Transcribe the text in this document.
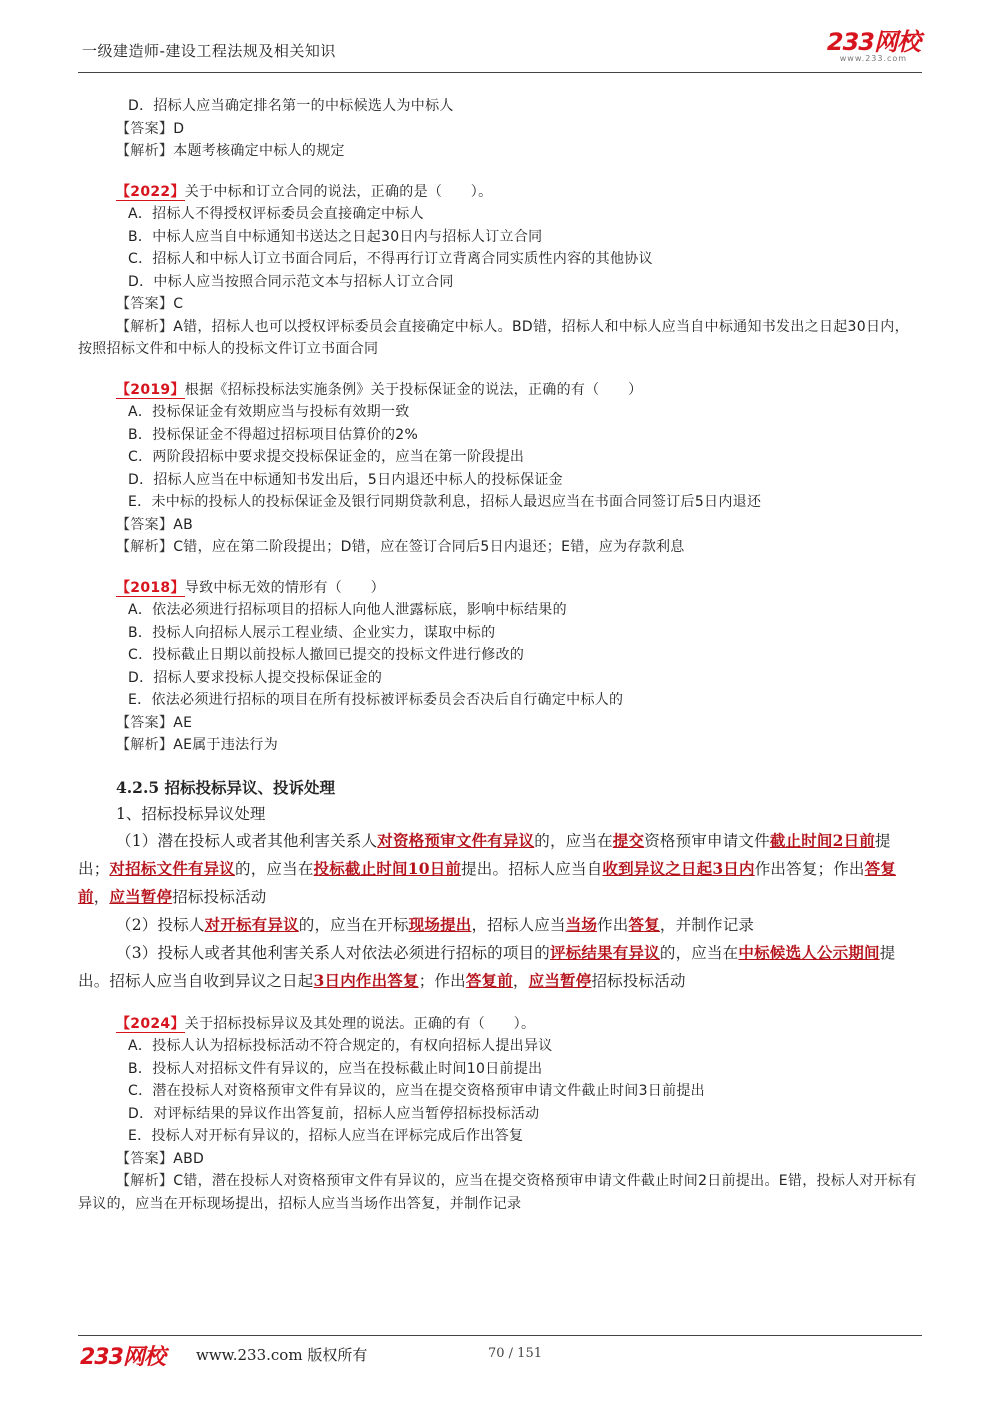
一级建造师-建设工程法规及相关知识	233网校
www.233.com
D．招标人应当确定排名第一的中标候选人为中标人
【答案】D
【解析】本题考核确定中标人的规定
【2022】关于中标和订立合同的说法，正确的是（　　）。
A．招标人不得授权评标委员会直接确定中标人
B．中标人应当自中标通知书送达之日起30日内与招标人订立合同
C．招标人和中标人订立书面合同后，不得再行订立背离合同实质性内容的其他协议
D．中标人应当按照合同示范文本与招标人订立合同
【答案】C
【解析】A错，招标人也可以授权评标委员会直接确定中标人。BD错，招标人和中标人应当自中标通知书发出之日起30日内，按照招标文件和中标人的投标文件订立书面合同
【2019】根据《招标投标法实施条例》关于投标保证金的说法，正确的有（　　）
A．投标保证金有效期应当与投标有效期一致
B．投标保证金不得超过招标项目估算价的2%
C．两阶段招标中要求提交投标保证金的，应当在第一阶段提出
D．招标人应当在中标通知书发出后，5日内退还中标人的投标保证金
E．未中标的投标人的投标保证金及银行同期贷款利息，招标人最迟应当在书面合同签订后5日内退还
【答案】AB
【解析】C错，应在第二阶段提出；D错，应在签订合同后5日内退还；E错，应为存款利息
【2018】导致中标无效的情形有（　　）
A．依法必须进行招标项目的招标人向他人泄露标底，影响中标结果的
B．投标人向招标人展示工程业绩、企业实力，谋取中标的
C．投标截止日期以前投标人撤回已提交的投标文件进行修改的
D．招标人要求投标人提交投标保证金的
E．依法必须进行招标的项目在所有投标被评标委员会否决后自行确定中标人的
【答案】AE
【解析】AE属于违法行为
4.2.5 招标投标异议、投诉处理
1、招标投标异议处理
（1）潜在投标人或者其他利害关系人对资格预审文件有异议的，应当在提交资格预审申请文件截止时间2日前提出；对招标文件有异议的，应当在投标截止时间10日前提出。招标人应当自收到异议之日起3日内作出答复；作出答复前，应当暂停招标投标活动
（2）投标人对开标有异议的，应当在开标现场提出，招标人应当当场作出答复，并制作记录
（3）投标人或者其他利害关系人对依法必须进行招标的项目的评标结果有异议的，应当在中标候选人公示期间提出。招标人应当自收到异议之日起3日内作出答复；作出答复前，应当暂停招标投标活动
【2024】关于招标投标异议及其处理的说法。正确的有（　　）。
A．投标人认为招标投标活动不符合规定的，有权向招标人提出异议
B．投标人对招标文件有异议的，应当在投标截止时间10日前提出
C．潜在投标人对资格预审文件有异议的，应当在提交资格预审申请文件截止时间3日前提出
D．对评标结果的异议作出答复前，招标人应当暂停招标投标活动
E．投标人对开标有异议的，招标人应当在评标完成后作出答复
【答案】ABD
【解析】C错，潜在投标人对资格预审文件有异议的，应当在提交资格预审申请文件截止时间2日前提出。E错，投标人对开标有异议的，应当在开标现场提出，招标人应当当场作出答复，并制作记录
233网校 www.233.com 版权所有	70 / 151
